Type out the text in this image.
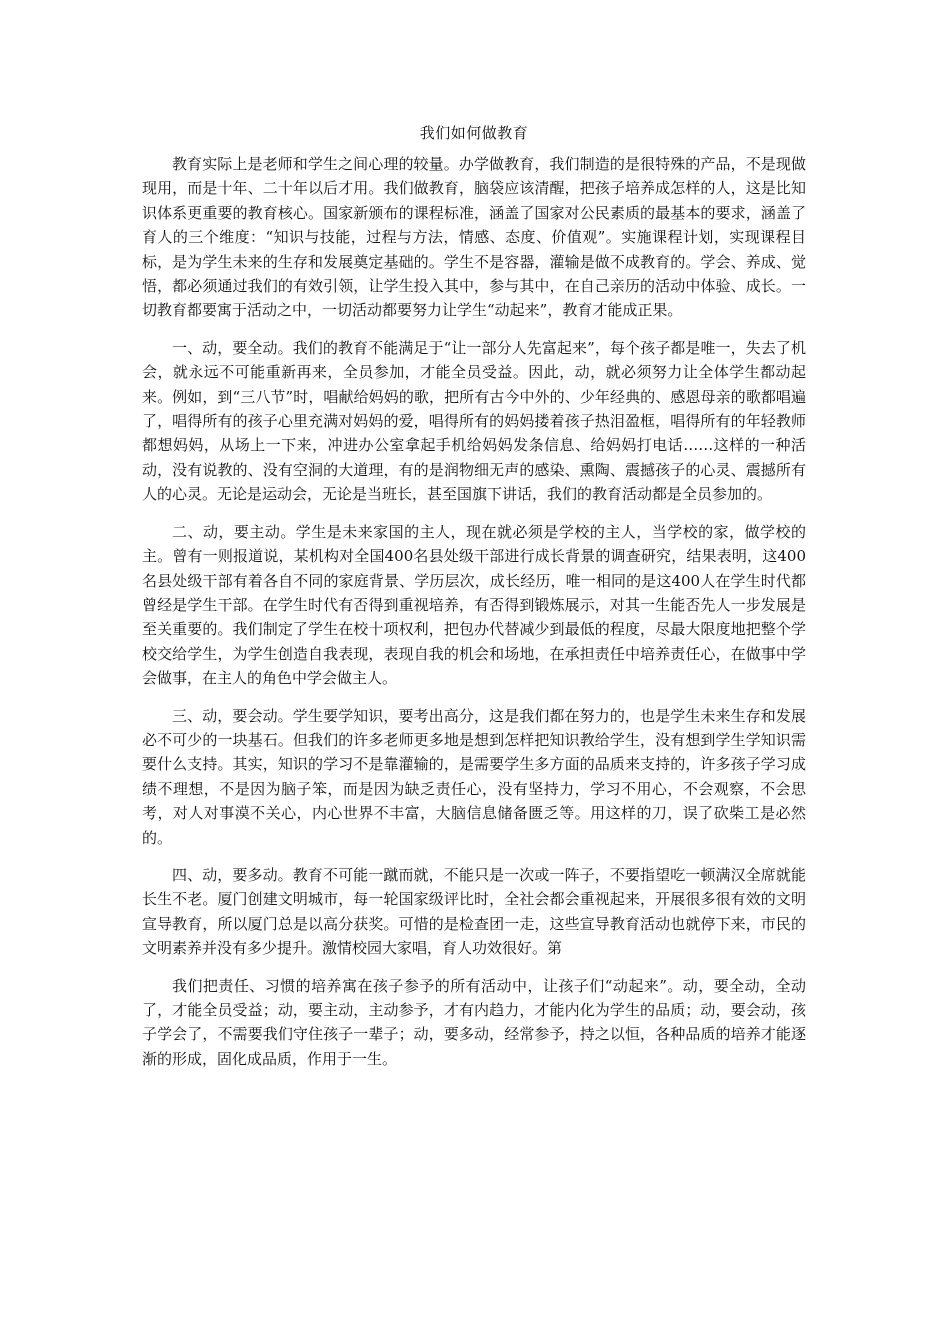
我们如何做教育

教育实际上是老师和学生之间心理的较量。办学做教育，我们制造的是很特殊的产品，不是现做现用，而是十年、二十年以后才用。我们做教育，脑袋应该清醒，把孩子培养成怎样的人，这是比知识体系更重要的教育核心。国家新颁布的课程标准，涵盖了国家对公民素质的最基本的要求，涵盖了育人的三个维度：“知识与技能，过程与方法，情感、态度、价值观”。实施课程计划，实现课程目标，是为学生未来的生存和发展奠定基础的。学生不是容器，灌输是做不成教育的。学会、养成、觉悟，都必须通过我们的有效引领，让学生投入其中，参与其中，在自己亲历的活动中体验、成长。一切教育都要寓于活动之中，一切活动都要努力让学生“动起来”，教育才能成正果。

一、动，要全动。我们的教育不能满足于“让一部分人先富起来”，每个孩子都是唯一，失去了机会，就永远不可能重新再来，全员参加，才能全员受益。因此，动，就必须努力让全体学生都动起来。例如，到“三八节”时，唱献给妈妈的歌，把所有古今中外的、少年经典的、感恩母亲的歌都唱遍了，唱得所有的孩子心里充满对妈妈的爱，唱得所有的妈妈搂着孩子热泪盈框，唱得所有的年轻教师都想妈妈，从场上一下来，冲进办公室拿起手机给妈妈发条信息、给妈妈打电话……这样的一种活动，没有说教的、没有空洞的大道理，有的是润物细无声的感染、熏陶、震撼孩子的心灵、震撼所有人的心灵。无论是运动会，无论是当班长，甚至国旗下讲话，我们的教育活动都是全员参加的。

二、动，要主动。学生是未来家国的主人，现在就必须是学校的主人，当学校的家，做学校的主。曾有一则报道说，某机构对全国400名县处级干部进行成长背景的调查研究，结果表明，这400名县处级干部有着各自不同的家庭背景、学历层次，成长经历，唯一相同的是这400人在学生时代都曾经是学生干部。在学生时代有否得到重视培养，有否得到锻炼展示，对其一生能否先人一步发展是至关重要的。我们制定了学生在校十项权利，把包办代替减少到最低的程度，尽最大限度地把整个学校交给学生，为学生创造自我表现，表现自我的机会和场地，在承担责任中培养责任心，在做事中学会做事，在主人的角色中学会做主人。

三、动，要会动。学生要学知识，要考出高分，这是我们都在努力的，也是学生未来生存和发展必不可少的一块基石。但我们的许多老师更多地是想到怎样把知识教给学生，没有想到学生学知识需要什么支持。其实，知识的学习不是靠灌输的，是需要学生多方面的品质来支持的，许多孩子学习成绩不理想，不是因为脑子笨，而是因为缺乏责任心，没有坚持力，学习不用心，不会观察，不会思考，对人对事漠不关心，内心世界不丰富，大脑信息储备匮乏等。用这样的刀，误了砍柴工是必然的。

四、动，要多动。教育不可能一蹴而就，不能只是一次或一阵子，不要指望吃一顿满汉全席就能长生不老。厦门创建文明城市，每一轮国家级评比时，全社会都会重视起来，开展很多很有效的文明宣导教育，所以厦门总是以高分获奖。可惜的是检查团一走，这些宣导教育活动也就停下来，市民的文明素养并没有多少提升。激情校园大家唱，育人功效很好。第

我们把责任、习惯的培养寓在孩子参予的所有活动中，让孩子们“动起来”。动，要全动，全动了，才能全员受益；动，要主动，主动参予，才有内趋力，才能内化为学生的品质；动，要会动，孩子学会了，不需要我们守住孩子一辈子；动，要多动，经常参予，持之以恒，各种品质的培养才能逐渐的形成，固化成品质，作用于一生。
